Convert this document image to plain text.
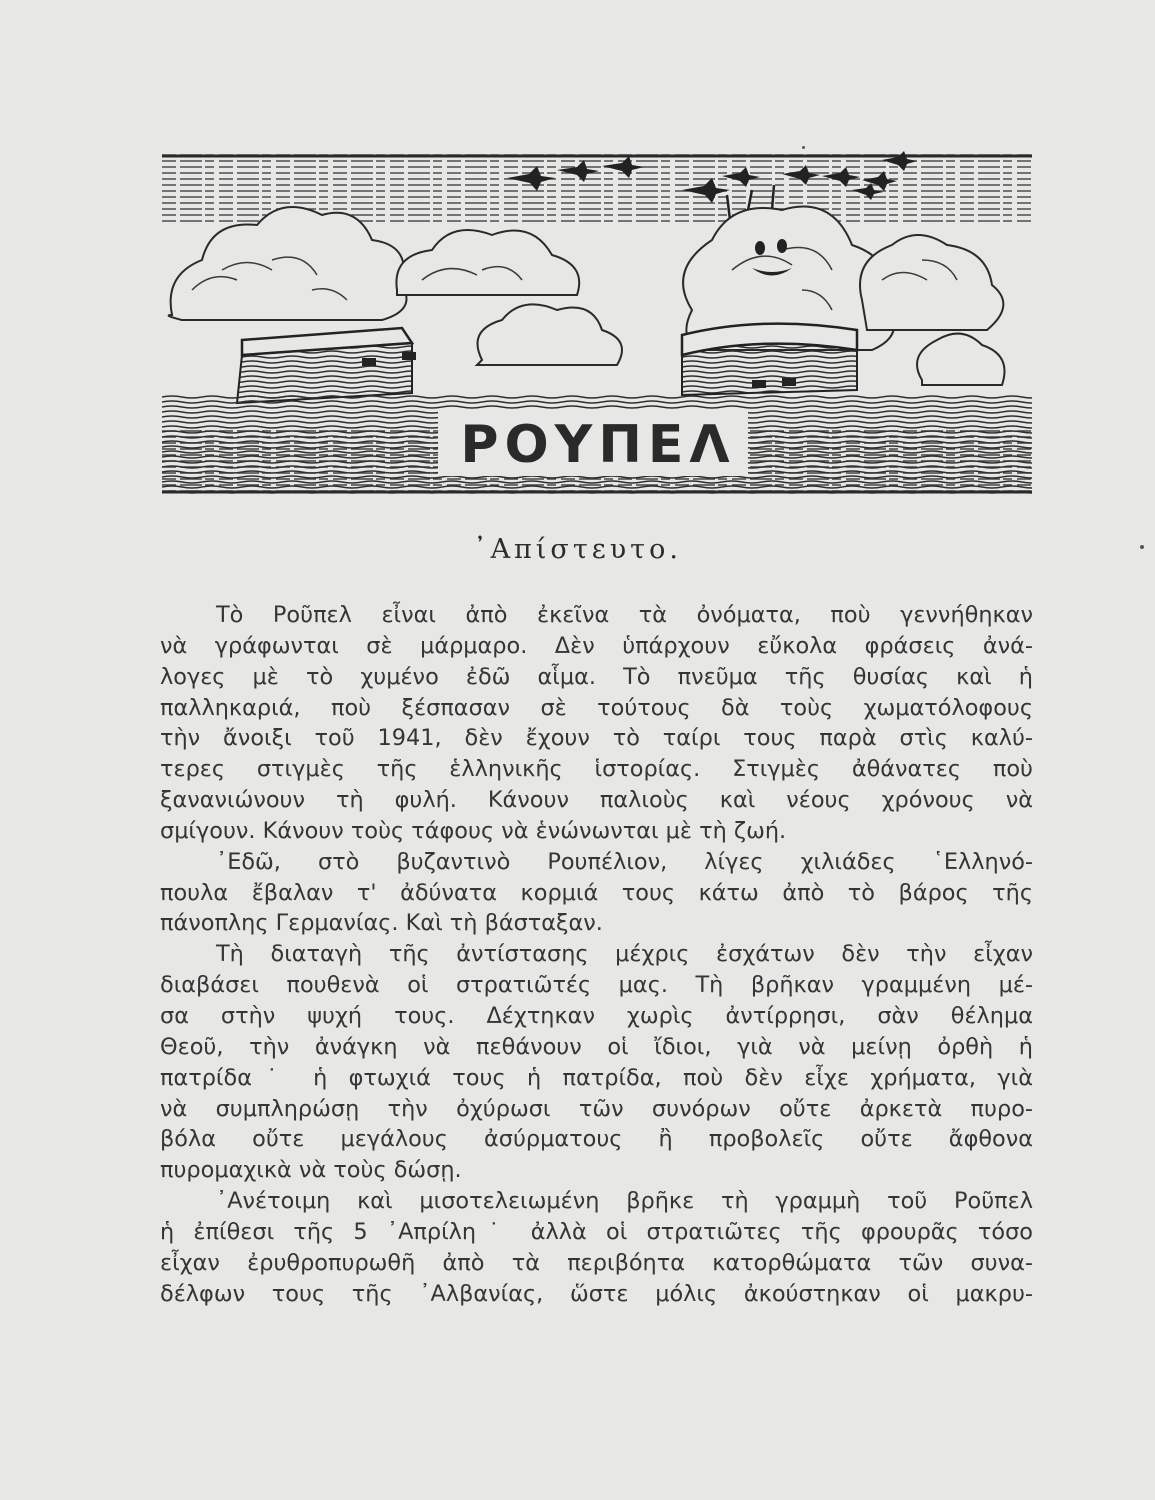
ΡΟΥΠΕΛ
᾿Απίστευτο.
Τὸ Ροῦπελ εἶναι ἀπὸ ἐκεῖνα τὰ ὀνόματα, ποὺ γεννήθηκαν
νὰ γράφωνται σὲ μάρμαρο. Δὲν ὑπάρχουν εὔκολα φράσεις ἀνά-
λογες μὲ τὸ χυμένο ἐδῶ αἷμα. Τὸ πνεῦμα τῆς θυσίας καὶ ἡ
παλληκαριά, ποὺ ξέσπασαν σὲ τούτους δὰ τοὺς χωματόλοφους
τὴν ἄνοιξι τοῦ 1941, δὲν ἔχουν τὸ ταίρι τους παρὰ στὶς καλύ-
τερες στιγμὲς τῆς ἑλληνικῆς ἱστορίας. Στιγμὲς ἀθάνατες ποὺ
ξανανιώνουν τὴ φυλή. Κάνουν παλιοὺς καὶ νέους χρόνους νὰ
σμίγουν. Κάνουν τοὺς τάφους νὰ ἑνώνωνται μὲ τὴ ζωή.
᾿Εδῶ, στὸ βυζαντινὸ Ρουπέλιον, λίγες χιλιάδες ῾Ελληνό-
πουλα ἔβαλαν τ' ἀδύνατα κορμιά τους κάτω ἀπὸ τὸ βάρος τῆς
πάνοπλης Γερμανίας. Καὶ τὴ βάσταξαν.
Τὴ διαταγὴ τῆς ἀντίστασης μέχρις ἐσχάτων δὲν τὴν εἶχαν
διαβάσει πουθενὰ οἱ στρατιῶτές μας. Τὴ βρῆκαν γραμμένη μέ-
σα στὴν ψυχή τους. Δέχτηκαν χωρὶς ἀντίρρησι, σὰν θέλημα
Θεοῦ, τὴν ἀνάγκη νὰ πεθάνουν οἱ ἴδιοι, γιὰ νὰ μείνῃ ὀρθὴ ἡ
πατρίδα˙ ἡ φτωχιά τους ἡ πατρίδα, ποὺ δὲν εἶχε χρήματα, γιὰ
νὰ συμπληρώσῃ τὴν ὀχύρωσι τῶν συνόρων οὔτε ἀρκετὰ πυρο-
βόλα οὔτε μεγάλους ἀσύρματους ἢ προβολεῖς οὔτε ἄφθονα
πυρομαχικὰ νὰ τοὺς δώσῃ.
᾿Ανέτοιμη καὶ μισοτελειωμένη βρῆκε τὴ γραμμὴ τοῦ Ροῦπελ
ἡ ἐπίθεσι τῆς 5 ᾿Απρίλη˙ ἀλλὰ οἱ στρατιῶτες τῆς φρουρᾶς τόσο
εἶχαν ἐρυθροπυρωθῆ ἀπὸ τὰ περιβόητα κατορθώματα τῶν συνα-
δέλφων τους τῆς ᾿Αλβανίας, ὥστε μόλις ἀκούστηκαν οἱ μακρυ-
